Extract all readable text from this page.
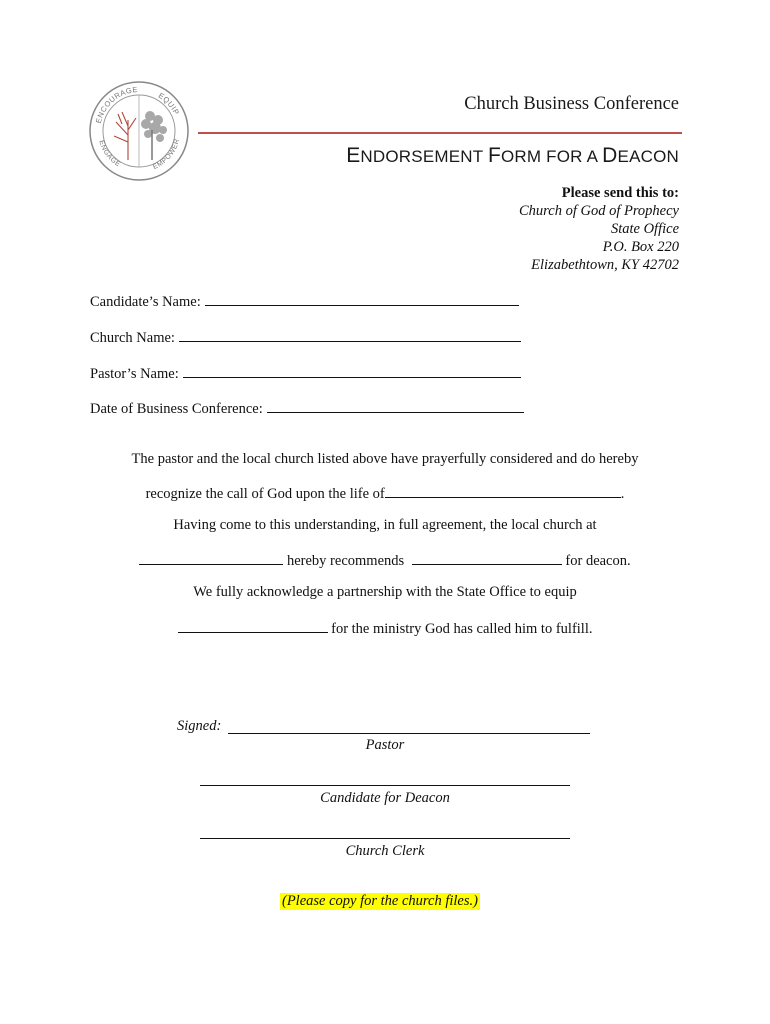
ENCOURAGE
EQUIP
ENGAGE	EMPOWER
Church Business Conference
ENDORSEMENT FORM FOR A DEACON
Please send this to:
Church of God of Prophecy
State Office
P.O. Box 220
Elizabethtown, KY 42702
Candidate’s Name:
Church Name:
Pastor’s Name:
Date of Business Conference:
The pastor and the local church listed above have prayerfully considered and do hereby
recognize the call of God upon the life of	.
Having come to this understanding, in full agreement, the local church at
hereby recommends	for deacon.
We fully acknowledge a partnership with the State Office to equip
for the ministry God has called him to fulfill.
Signed:
Pastor
Candidate for Deacon
Church Clerk
(Please copy for the church files.)
